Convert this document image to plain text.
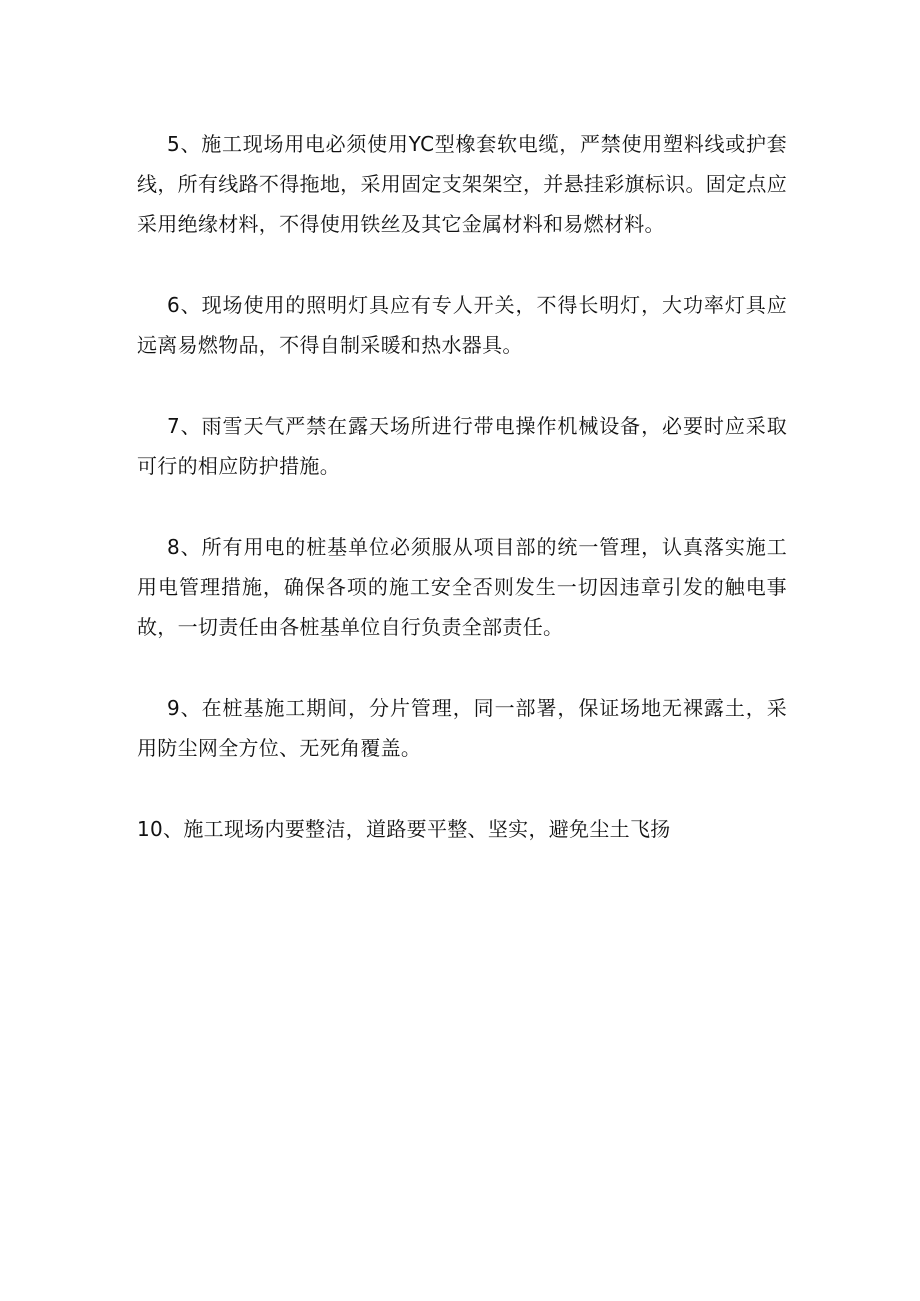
5、施工现场用电必须使用YC型橡套软电缆，严禁使用塑料线或护套线，所有线路不得拖地，采用固定支架架空，并悬挂彩旗标识。固定点应采用绝缘材料，不得使用铁丝及其它金属材料和易燃材料。

6、现场使用的照明灯具应有专人开关，不得长明灯，大功率灯具应远离易燃物品，不得自制采暖和热水器具。

7、雨雪天气严禁在露天场所进行带电操作机械设备，必要时应采取可行的相应防护措施。

8、所有用电的桩基单位必须服从项目部的统一管理，认真落实施工用电管理措施，确保各项的施工安全否则发生一切因违章引发的触电事故，一切责任由各桩基单位自行负责全部责任。

9、在桩基施工期间，分片管理，同一部署，保证场地无裸露土，采用防尘网全方位、无死角覆盖。

10、施工现场内要整洁，道路要平整、坚实，避免尘土飞扬
